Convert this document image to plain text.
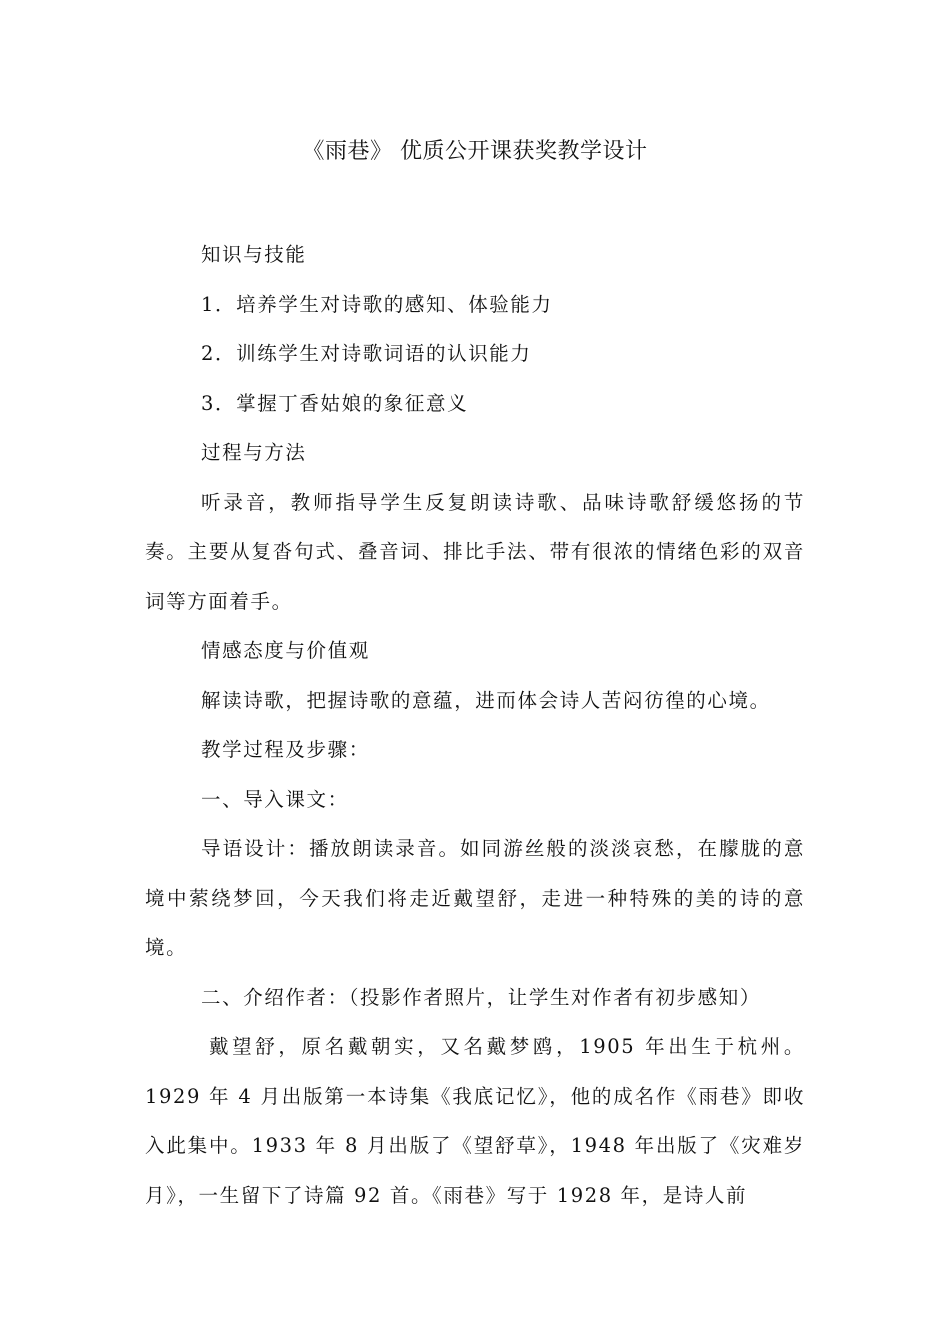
《雨巷》 优质公开课获奖教学设计

知识与技能

1．培养学生对诗歌的感知、体验能力

2．训练学生对诗歌词语的认识能力

3．掌握丁香姑娘的象征意义

过程与方法

听录音，教师指导学生反复朗读诗歌、品味诗歌舒缓悠扬的节奏。主要从复沓句式、叠音词、排比手法、带有很浓的情绪色彩的双音词等方面着手。

情感态度与价值观

解读诗歌，把握诗歌的意蕴，进而体会诗人苦闷彷徨的心境。

教学过程及步骤：

一、导入课文：

导语设计：播放朗读录音。如同游丝般的淡淡哀愁，在朦胧的意境中萦绕梦回，今天我们将走近戴望舒，走进一种特殊的美的诗的意境。

二、介绍作者：（投影作者照片，让学生对作者有初步感知）

戴望舒，原名戴朝实，又名戴梦鸥，1905 年出生于杭州。1929 年 4 月出版第一本诗集《我底记忆》，他的成名作《雨巷》即收入此集中。1933 年 8 月出版了《望舒草》，1948 年出版了《灾难岁月》，一生留下了诗篇 92 首。《雨巷》写于 1928 年，是诗人前
